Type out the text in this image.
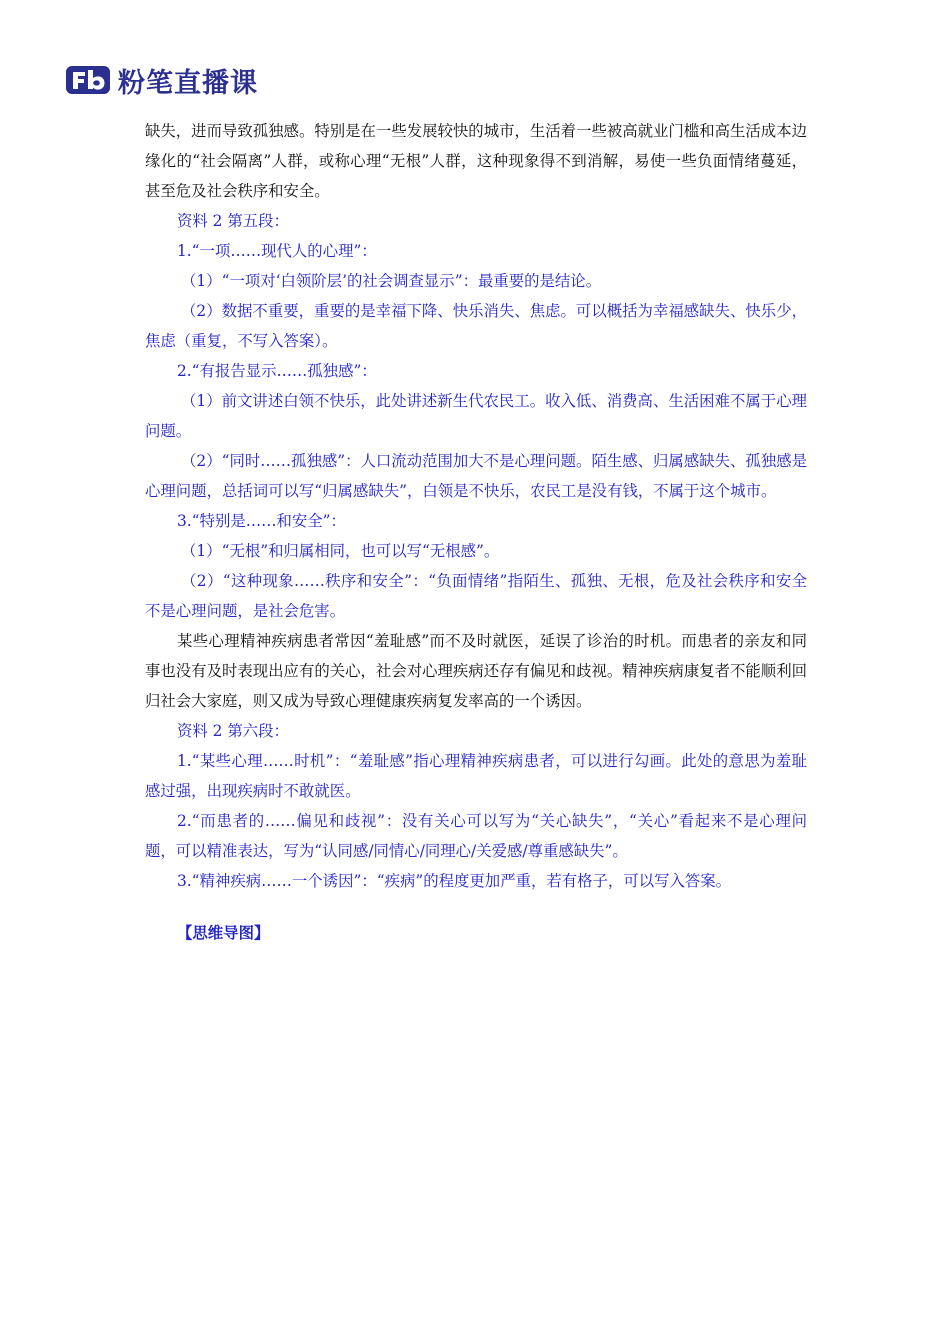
粉笔直播课

缺失，进而导致孤独感。特别是在一些发展较快的城市，生活着一些被高就业门槛和高生活成本边缘化的“社会隔离”人群，或称心理“无根”人群，这种现象得不到消解，易使一些负面情绪蔓延，甚至危及社会秩序和安全。

资料 2 第五段：

1.“一项……现代人的心理”：

（1）“一项对‘白领阶层’的社会调查显示”：最重要的是结论。

（2）数据不重要，重要的是幸福下降、快乐消失、焦虑。可以概括为幸福感缺失、快乐少，焦虑（重复，不写入答案）。

2.“有报告显示……孤独感”：

（1）前文讲述白领不快乐，此处讲述新生代农民工。收入低、消费高、生活困难不属于心理问题。

（2）“同时……孤独感”：人口流动范围加大不是心理问题。陌生感、归属感缺失、孤独感是心理问题，总括词可以写“归属感缺失”，白领是不快乐，农民工是没有钱，不属于这个城市。

3.“特别是……和安全”：

（1）“无根”和归属相同，也可以写“无根感”。

（2）“这种现象……秩序和安全”：“负面情绪”指陌生、孤独、无根，危及社会秩序和安全不是心理问题，是社会危害。

某些心理精神疾病患者常因“羞耻感”而不及时就医，延误了诊治的时机。而患者的亲友和同事也没有及时表现出应有的关心，社会对心理疾病还存有偏见和歧视。精神疾病康复者不能顺利回归社会大家庭，则又成为导致心理健康疾病复发率高的一个诱因。

资料 2 第六段：

1.“某些心理……时机”：“羞耻感”指心理精神疾病患者，可以进行勾画。此处的意思为羞耻感过强，出现疾病时不敢就医。

2.“而患者的……偏见和歧视”：没有关心可以写为“关心缺失”，“关心”看起来不是心理问题，可以精准表达，写为“认同感/同情心/同理心/关爱感/尊重感缺失”。

3.“精神疾病……一个诱因”：“疾病”的程度更加严重，若有格子，可以写入答案。

【思维导图】
